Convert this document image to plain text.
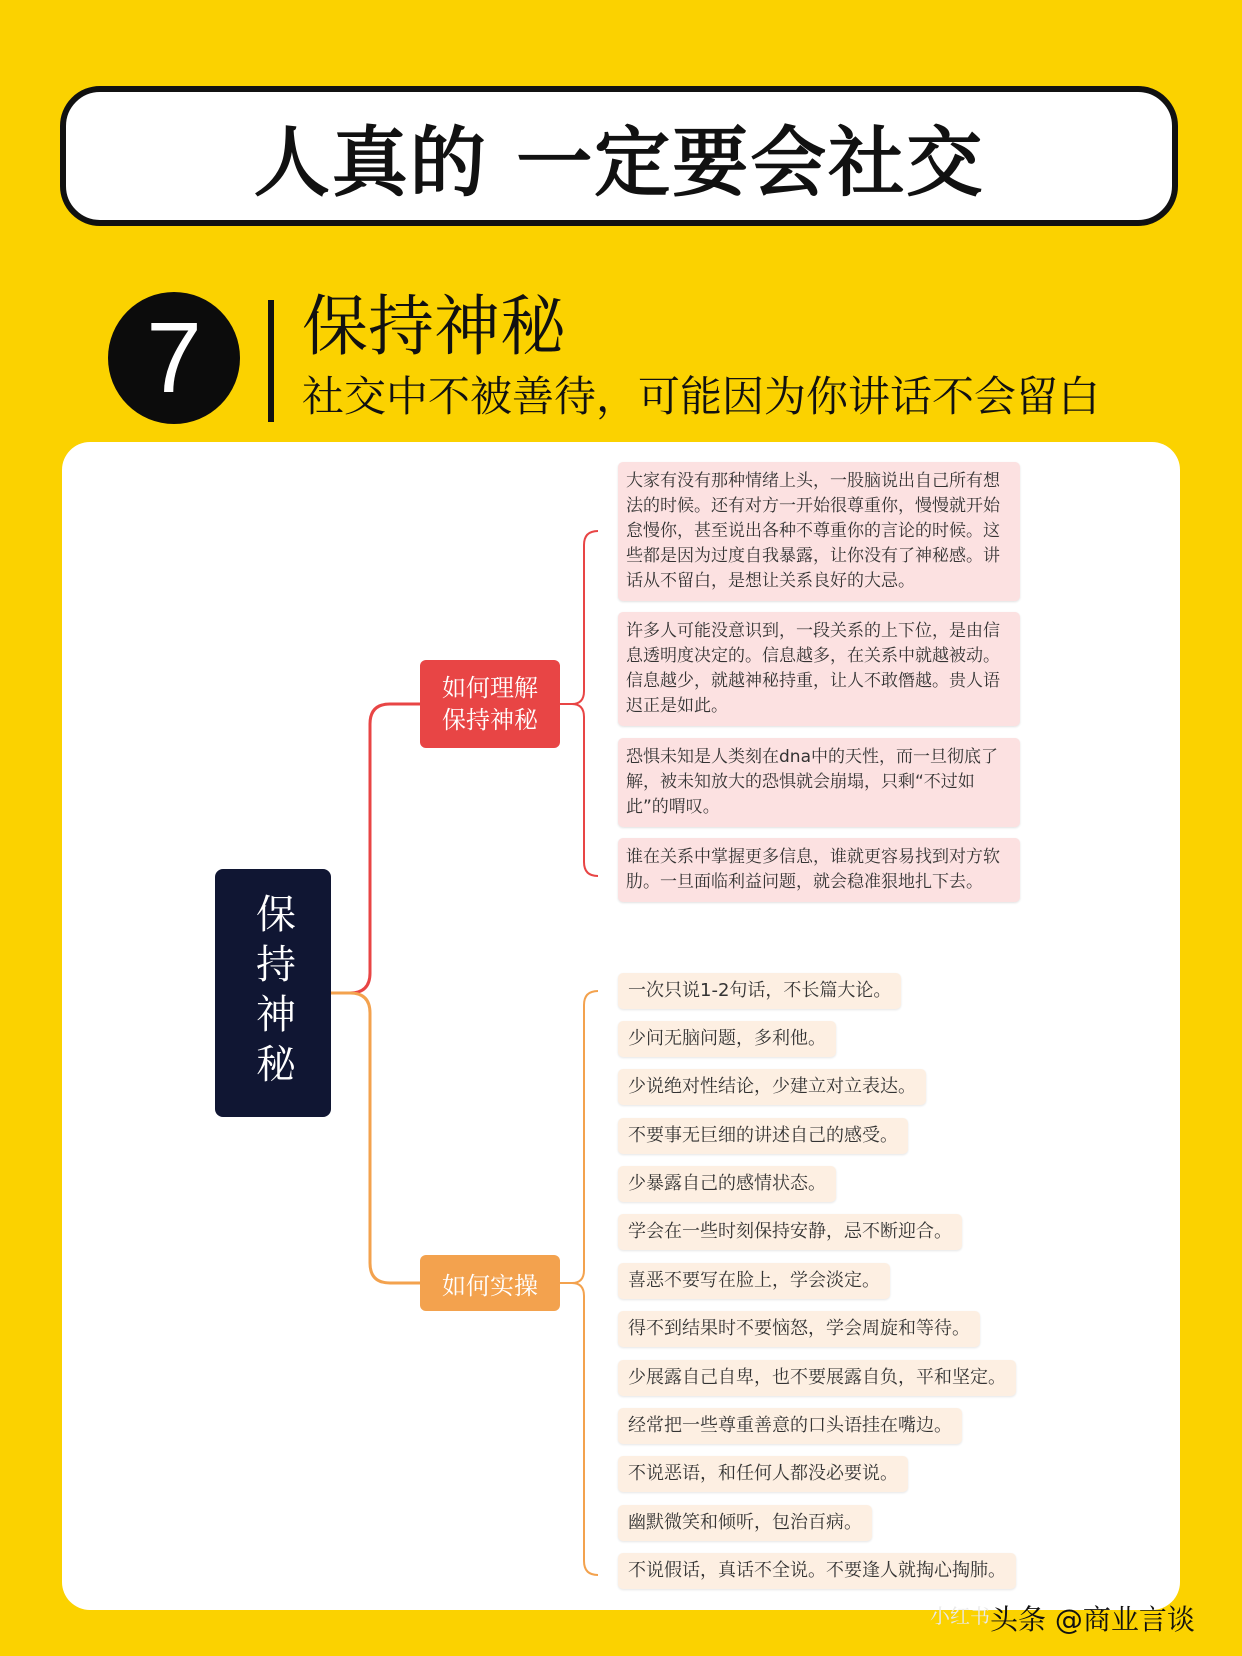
人真的 一定要会社交
7 保持神秘
社交中不被善待，可能因为你讲话不会留白
保持神秘
如何理解
保持神秘
如何实操
大家有没有那种情绪上头，一股脑说出自己所有想法的时候。还有对方一开始很尊重你，慢慢就开始怠慢你，甚至说出各种不尊重你的言论的时候。这些都是因为过度自我暴露，让你没有了神秘感。讲话从不留白，是想让关系良好的大忌。
许多人可能没意识到，一段关系的上下位，是由信息透明度决定的。信息越多，在关系中就越被动。信息越少，就越神秘持重，让人不敢僭越。贵人语迟正是如此。
恐惧未知是人类刻在dna中的天性，而一旦彻底了解，被未知放大的恐惧就会崩塌，只剩“不过如此”的喟叹。
谁在关系中掌握更多信息，谁就更容易找到对方软肋。一旦面临利益问题，就会稳准狠地扎下去。
一次只说1-2句话，不长篇大论。
少问无脑问题，多利他。
少说绝对性结论，少建立对立表达。
不要事无巨细的讲述自己的感受。
少暴露自己的感情状态。
学会在一些时刻保持安静，忌不断迎合。
喜恶不要写在脸上，学会淡定。
得不到结果时不要恼怒，学会周旋和等待。
少展露自己自卑，也不要展露自负，平和坚定。
经常把一些尊重善意的口头语挂在嘴边。
不说恶语，和任何人都没必要说。
幽默微笑和倾听，包治百病。
不说假话，真话不全说。不要逢人就掏心掏肺。
小红书 头条 @商业言谈
